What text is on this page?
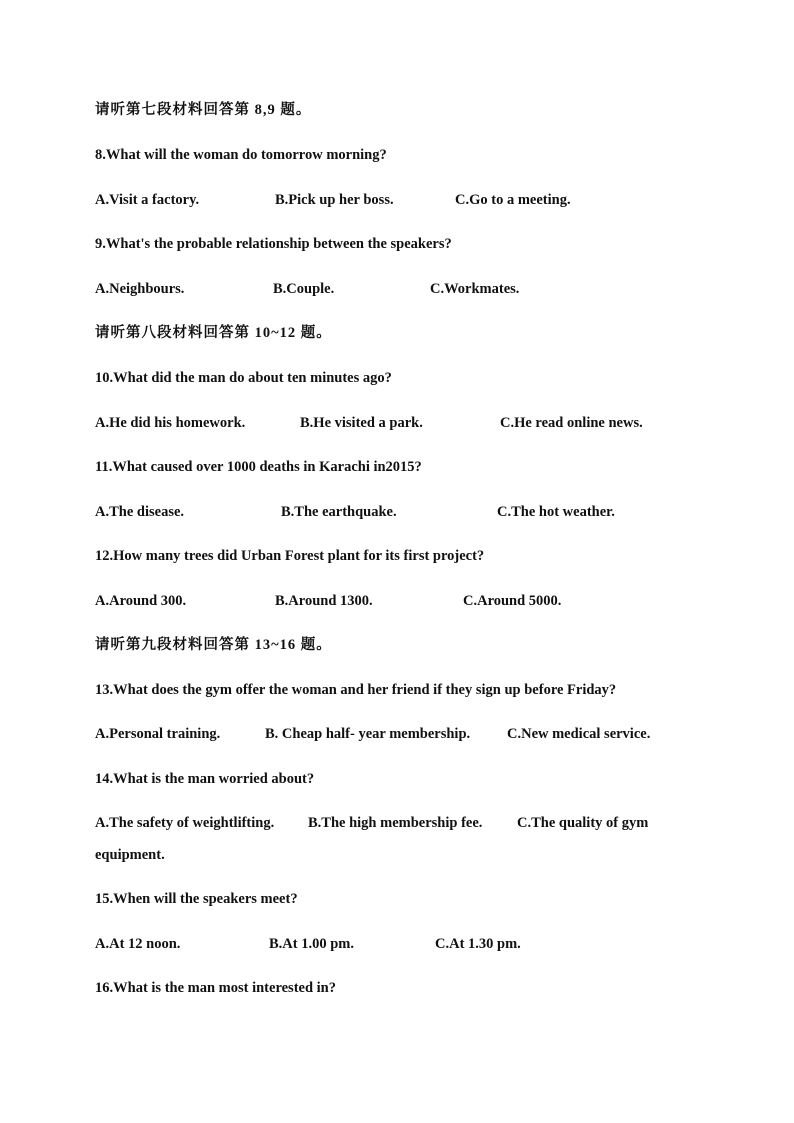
请听第七段材料回答第 8,9 题。
8.What will the woman do tomorrow morning?
A.Visit a factory.	B.Pick up her boss.	C.Go to a meeting.
9.What's the probable relationship between the speakers?
A.Neighbours.	B.Couple.	C.Workmates.
请听第八段材料回答第 10~12 题。
10.What did the man do about ten minutes ago?
A.He did his homework.	B.He visited a park.	C.He read online news.
11.What caused over 1000 deaths in Karachi in2015?
A.The disease.	B.The earthquake.	C.The hot weather.
12.How many trees did Urban Forest plant for its first project?
A.Around 300.	B.Around 1300.	C.Around 5000.
请听第九段材料回答第 13~16 题。
13.What does the gym offer the woman and her friend if they sign up before Friday?
A.Personal training.	B. Cheap half- year membership.	C.New medical service.
14.What is the man worried about?
A.The safety of weightlifting. B.The high membership fee. C.The quality of gym
equipment.
15.When will the speakers meet?
A.At 12 noon.	B.At 1.00 pm.	C.At 1.30 pm.
16.What is the man most interested in?
